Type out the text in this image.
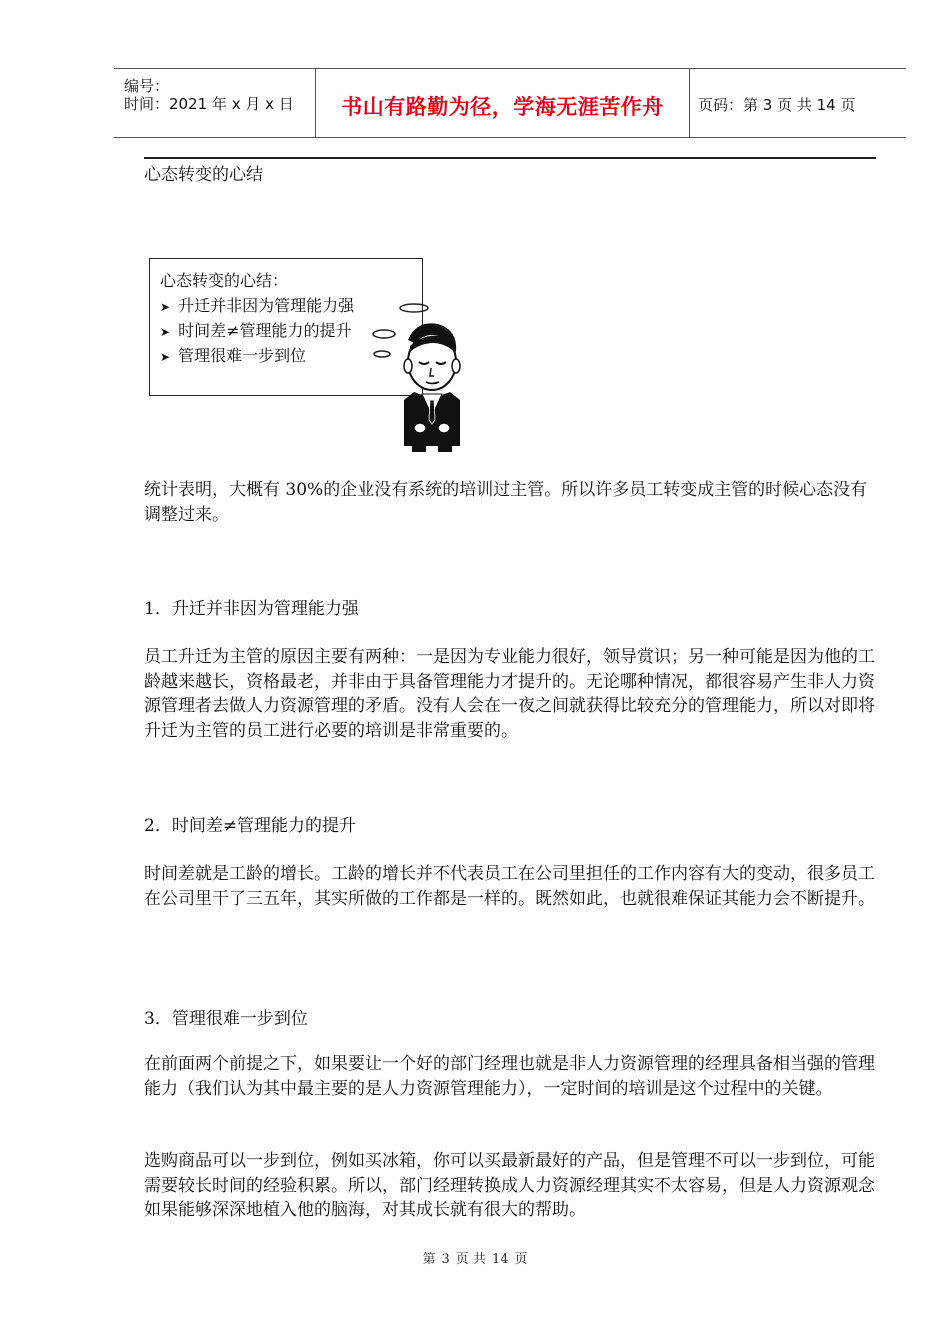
编号：
时间：2021 年 x 月 x 日	书山有路勤为径，学海无涯苦作舟	页码：第 3 页 共 14 页

心态转变的心结

心态转变的心结：
➤ 升迁并非因为管理能力强
➤ 时间差≠管理能力的提升
➤ 管理很难一步到位

统计表明，大概有 30%的企业没有系统的培训过主管。所以许多员工转变成主管的时候心态没有调整过来。

1．升迁并非因为管理能力强

员工升迁为主管的原因主要有两种：一是因为专业能力很好，领导赏识；另一种可能是因为他的工龄越来越长，资格最老，并非由于具备管理能力才提升的。无论哪种情况，都很容易产生非人力资源管理者去做人力资源管理的矛盾。没有人会在一夜之间就获得比较充分的管理能力，所以对即将升迁为主管的员工进行必要的培训是非常重要的。

2．时间差≠管理能力的提升

时间差就是工龄的增长。工龄的增长并不代表员工在公司里担任的工作内容有大的变动，很多员工在公司里干了三五年，其实所做的工作都是一样的。既然如此，也就很难保证其能力会不断提升。

3．管理很难一步到位

在前面两个前提之下，如果要让一个好的部门经理也就是非人力资源管理的经理具备相当强的管理能力（我们认为其中最主要的是人力资源管理能力），一定时间的培训是这个过程中的关键。

选购商品可以一步到位，例如买冰箱，你可以买最新最好的产品，但是管理不可以一步到位，可能需要较长时间的经验积累。所以，部门经理转换成人力资源经理其实不太容易，但是人力资源观念如果能够深深地植入他的脑海，对其成长就有很大的帮助。

第 3 页 共 14 页
